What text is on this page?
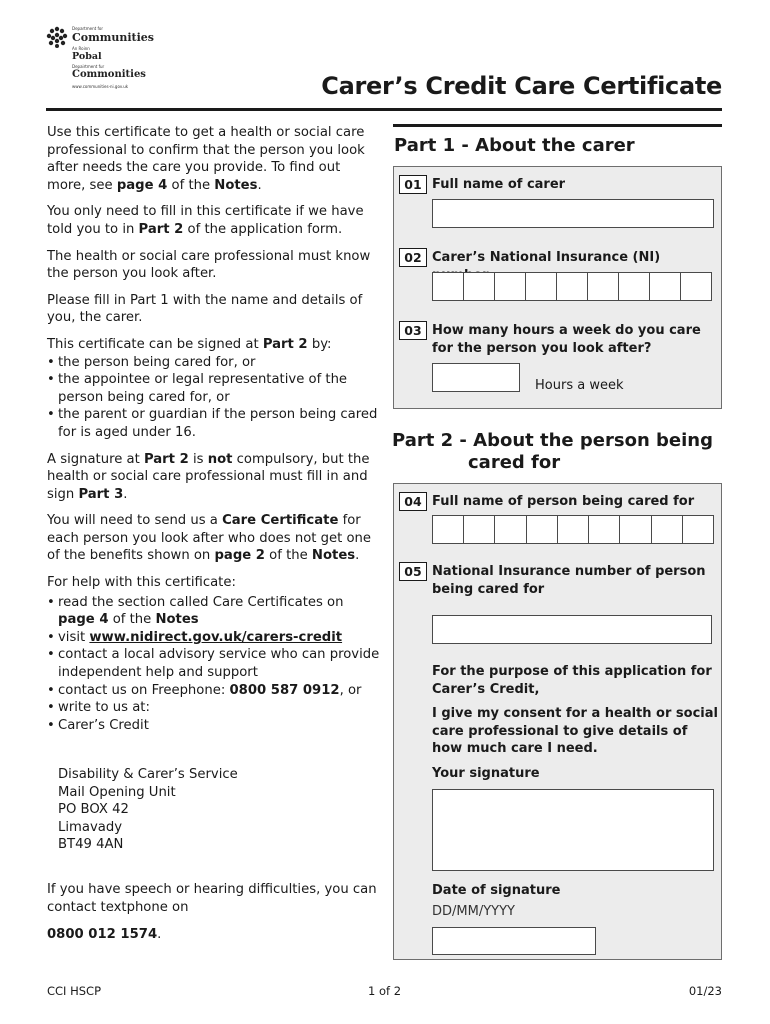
Department for
Communities
An Roinn
Pobal
Depairtment fur
Commonities
www.communities-ni.gov.uk	Carer’s Credit Care Certificate

Use this certificate to get a health or social care professional to confirm that the person you look after needs the care you provide. To find out more, see page 4 of the Notes.

You only need to fill in this certificate if we have told you to in Part 2 of the application form.

The health or social care professional must know the person you look after.

Please fill in Part 1 with the name and details of you, the carer.

This certificate can be signed at Part 2 by:

• the person being cared for, or
• the appointee or legal representative of the person being cared for, or
• the parent or guardian if the person being cared for is aged under 16.

A signature at Part 2 is not compulsory, but the health or social care professional must fill in and sign Part 3.

You will need to send us a Care Certificate for each person you look after who does not get one of the benefits shown on page 2 of the Notes.

For help with this certificate:

• read the section called Care Certificates on page 4 of the Notes
• visit www.nidirect.gov.uk/carers-credit
• contact a local advisory service who can provide independent help and support
• contact us on Freephone: 0800 587 0912, or
• write to us at:
• Carer’s Credit
Disability & Carer’s Service
Mail Opening Unit
PO BOX 42
Limavady
BT49 4AN
If you have speech or hearing difficulties, you can contact textphone on
0800 012 1574.
Part 1 - About the carer
01 Full name of carer
02 Carer’s National Insurance (NI)
03 How many hours a week do you care for the person you look after?
Hours a week
Part 2 - About the person being
cared for
04 Full name of person being cared for
05 National Insurance number of person being cared for
For the purpose of this application for Carer’s Credit,
I give my consent for a health or social care professional to give details of how much care I need.
Your signature
Date of signature
DD/MM/YYYY
CCI HSCP	1 of 2	01/23
